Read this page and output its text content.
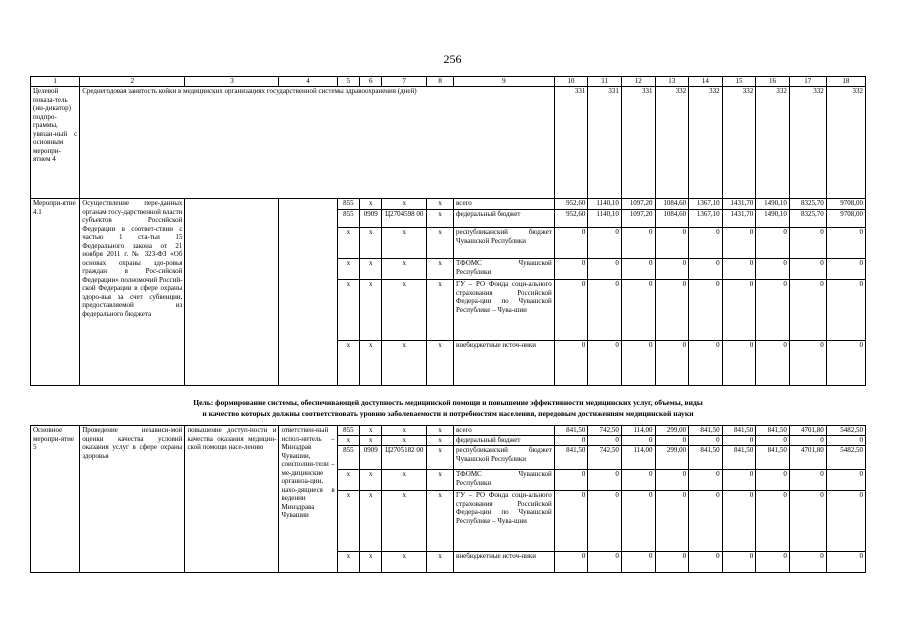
256
1	2	3	4	5	6	7	8	9	10	11	12	13	14	15	16	17	18
Целевой показа-тель (ин-дикатор) подпро-граммы, увязан-ный с основным меропри-ятием 4	Среднегодовая занятость койки в медицинских организациях государственной системы здравоохранения (дней)								331	331	331	332	332	332	332	332	332
Меропри-ятие 4.1	Осуществление пере-данных органам госу-дарственной власти субъектов Российской Федерации в соответ-ствии с частью 1 ста-тьи 15 Федерального закона от 21 ноября 2011 г. № 323-ФЗ «Об основах охраны здо-ровья граждан в Рос-сийской Федерации» полномочий Россий-ской Федерации в сфере охраны здоро-вья за счет субвенции, предоставляемой из федерального бюджета			855	х	х	х	всего	952,60	1140,10	1097,20	1084,60	1367,10	1431,70	1490,10	8325,70	9708,00
				855	0909	Ц2704598 00	х	федеральный бюджет	952,60	1140,10	1097,20	1084,60	1367,10	1431,70	1490,10	8325,70	9708,00
				х	х	х	х	республиканский бюджет Чувашской Республики	0	0	0	0	0	0	0	0	0
				х	х	х	х	ТФОМС Чувашской Республики	0	0	0	0	0	0	0	0	0
				х	х	х	х	ГУ – РО Фонда соци-ального страхования Российской Федера-ции по Чувашской Республике – Чува-шии	0	0	0	0	0	0	0	0	0
				х	х	х	х	внебюджетные источ-ники	0	0	0	0	0	0	0	0	0
Цель: формирование системы, обеспечивающей доступность медицинской помощи и повышение эффективности медицинских услуг, объемы, виды
и качество которых должны соответствовать уровню заболеваемости и потребностям населения, передовым достижениям медицинской науки
Основное меропри-ятие 5	Проведение независи-мой оценки качества условий оказания услуг в сфере охраны здоровья	повышение доступ-ности и качества оказания медицин-ской помощи насе-лению	ответствен-ный испол-нитель – Минздрав Чувашии, соисполни-тели – ме-дицинские организа-ции, нахо-дящиеся в ведении Минздрава Чувашии	855	х	х	х	всего	841,50	742,50	114,00	299,00	841,50	841,50	841,50	4701,80	5482,50
				х	х	х	х	федеральный бюджет	0	0	0	0	0	0	0	0	0
				855	0909	Ц2705182 00	х	республиканский бюджет Чувашской Республики	841,50	742,50	114,00	299,00	841,50	841,50	841,50	4701,80	5482,50
				х	х	х	х	ТФОМС Чувашской Республики	0	0	0	0	0	0	0	0	0
				х	х	х	х	ГУ – РО Фонда соци-ального страхования Российской Федера-ции по Чувашской Республике – Чува-шии	0	0	0	0	0	0	0	0	0
				х	х	х	х	внебюджетные источ-ники	0	0	0	0	0	0	0	0	0
